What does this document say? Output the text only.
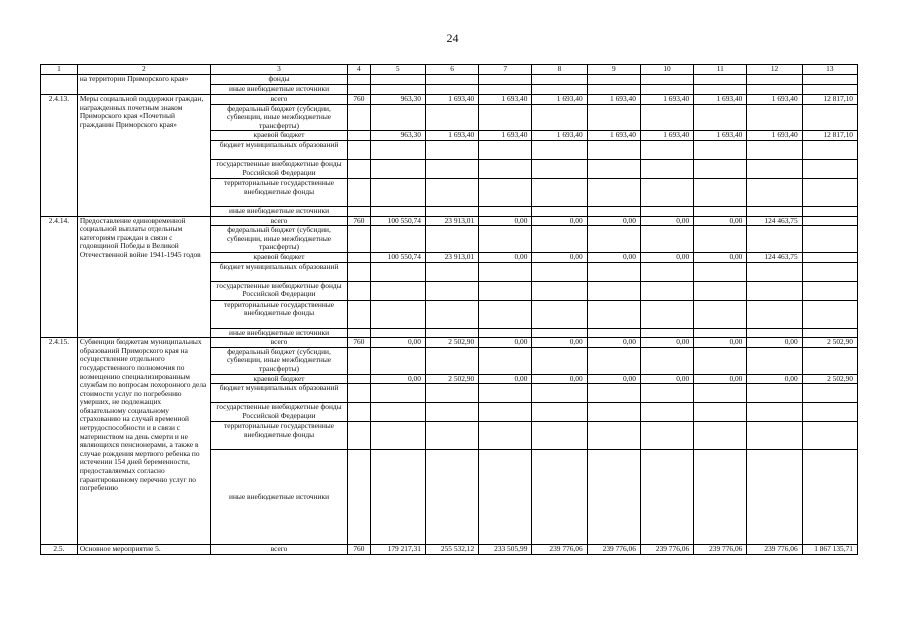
24
1	2	3	4	5	6	7	8	9	10	11	12	13
	на территории Приморского края»	фонды										
		иные внебюджетные источники										
2.4.13.	Меры социальной поддержки граждан, награжденных почетным знаком Приморского края «Почетный гражданин Приморского края»	всего	760	963,30	1 693,40	1 693,40	1 693,40	1 693,40	1 693,40	1 693,40	1 693,40	12 817,10
		федеральный бюджет (субсидии, субвенции, иные межбюджетные трансферты)										
		краевой бюджет		963,30	1 693,40	1 693,40	1 693,40	1 693,40	1 693,40	1 693,40	1 693,40	12 817,10
		бюджет муниципальных образований										
		государственные внебюджетные фонды Российской Федерации										
		территориальные государственные внебюджетные фонды										
		иные внебюджетные источники										
2.4.14.	Предоставление единовременной социальной выплаты отдельным категориям граждан в связи с годовщиной Победы в Великой Отечественной войне 1941-1945 годов	всего	760	100 550,74	23 913,01	0,00	0,00	0,00	0,00	0,00	124 463,75	
		федеральный бюджет (субсидии, субвенции, иные межбюджетные трансферты)										
		краевой бюджет		100 550,74	23 913,01	0,00	0,00	0,00	0,00	0,00	124 463,75	
		бюджет муниципальных образований										
		государственные внебюджетные фонды Российской Федерации										
		территориальные государственные внебюджетные фонды										
		иные внебюджетные источники										
2.4.15.	Субвенции бюджетам муниципальных образований Приморского края на осуществление отдельного государственного полномочия по возмещению специализированным службам по вопросам похоронного дела стоимости услуг по погребению умерших, не подлежащих обязательному социальному страхованию на случай временной нетрудоспособности и в связи с материнством на день смерти и не являющихся пенсионерами, а также в случае рождения мертвого ребенка по истечении 154 дней беременности, предоставляемых согласно гарантированному перечню услуг по погребению	всего	760	0,00	2 502,90	0,00	0,00	0,00	0,00	0,00	0,00	2 502,90
		федеральный бюджет (субсидии, субвенции, иные межбюджетные трансферты)										
		краевой бюджет		0,00	2 502,90	0,00	0,00	0,00	0,00	0,00	0,00	2 502,90
		бюджет муниципальных образований										
		государственные внебюджетные фонды Российской Федерации										
		территориальные государственные внебюджетные фонды										
		иные внебюджетные источники										
2.5.	Основное мероприятие 5.	всего	760	179 217,31	255 532,12	233 505,99	239 776,06	239 776,06	239 776,06	239 776,06	239 776,06	1 867 135,71
